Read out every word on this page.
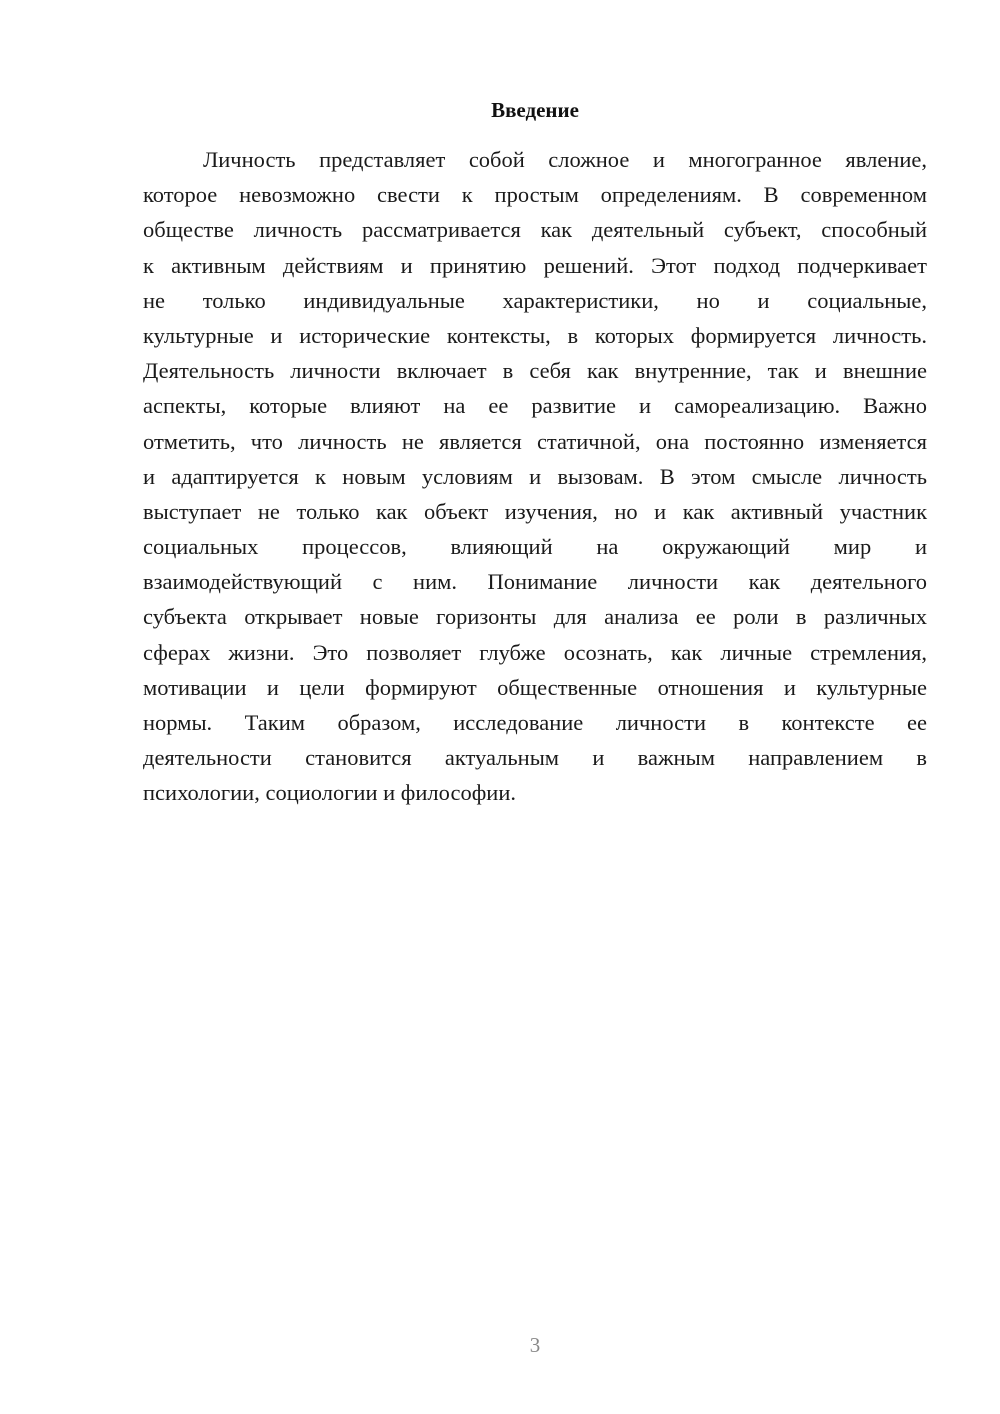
Введение
Личность представляет собой сложное и многогранное явление,
которое невозможно свести к простым определениям. В современном
обществе личность рассматривается как деятельный субъект, способный
к активным действиям и принятию решений. Этот подход подчеркивает
не только индивидуальные характеристики, но и социальные,
культурные и исторические контексты, в которых формируется личность.
Деятельность личности включает в себя как внутренние, так и внешние
аспекты, которые влияют на ее развитие и самореализацию. Важно
отметить, что личность не является статичной, она постоянно изменяется
и адаптируется к новым условиям и вызовам. В этом смысле личность
выступает не только как объект изучения, но и как активный участник
социальных процессов, влияющий на окружающий мир и
взаимодействующий с ним. Понимание личности как деятельного
субъекта открывает новые горизонты для анализа ее роли в различных
сферах жизни. Это позволяет глубже осознать, как личные стремления,
мотивации и цели формируют общественные отношения и культурные
нормы. Таким образом, исследование личности в контексте ее
деятельности становится актуальным и важным направлением в
психологии, социологии и философии.
3
